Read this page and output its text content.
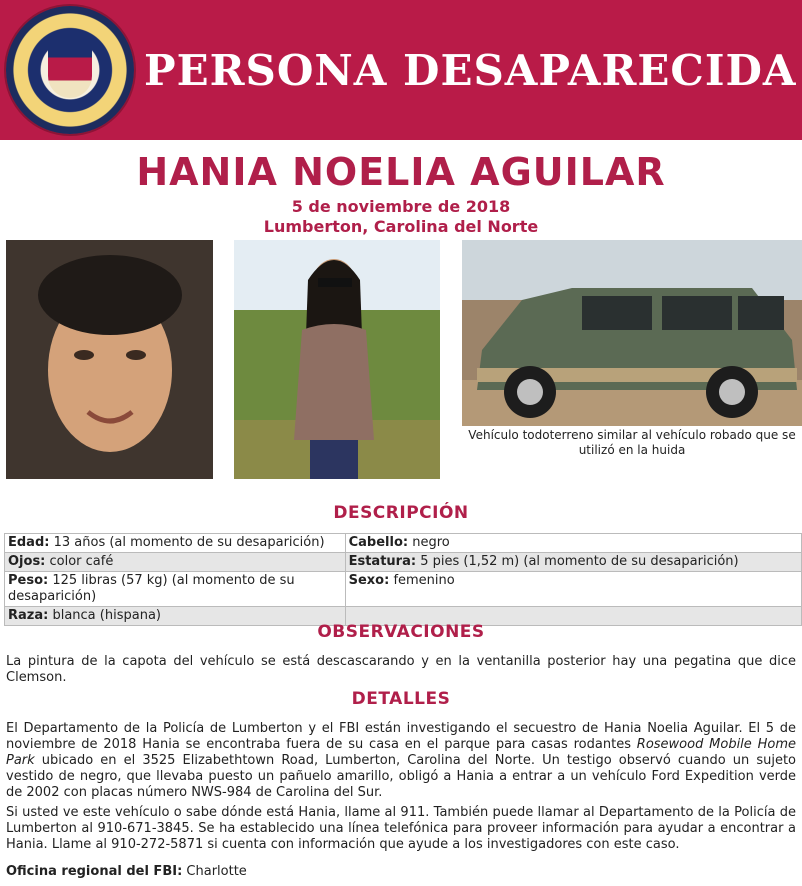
PERSONA DESAPARECIDA
HANIA NOELIA AGUILAR
5 de noviembre de 2018
Lumberton, Carolina del Norte
Vehículo todoterreno similar al vehículo robado que se utilizó en la huida
DESCRIPCIÓN
Edad: 13 años (al momento de su desaparición)	Cabello: negro
Ojos: color café	Estatura: 5 pies (1,52 m) (al momento de su desaparición)
Peso: 125 libras (57 kg) (al momento de su desaparición)	Sexo: femenino
Raza: blanca (hispana)	
OBSERVACIONES
La pintura de la capota del vehículo se está descascarando y en la ventanilla posterior hay una pegatina que dice Clemson.
DETALLES
El Departamento de la Policía de Lumberton y el FBI están investigando el secuestro de Hania Noelia Aguilar. El 5 de noviembre de 2018 Hania se encontraba fuera de su casa en el parque para casas rodantes Rosewood Mobile Home Park ubicado en el 3525 Elizabethtown Road, Lumberton, Carolina del Norte. Un testigo observó cuando un sujeto vestido de negro, que llevaba puesto un pañuelo amarillo, obligó a Hania a entrar a un vehículo Ford Expedition verde de 2002 con placas número NWS-984 de Carolina del Sur.
Si usted ve este vehículo o sabe dónde está Hania, llame al 911. También puede llamar al Departamento de la Policía de Lumberton al 910-671-3845. Se ha establecido una línea telefónica para proveer información para ayudar a encontrar a Hania. Llame al 910-272-5871 si cuenta con información que ayude a los investigadores con este caso.
Oficina regional del FBI: Charlotte
